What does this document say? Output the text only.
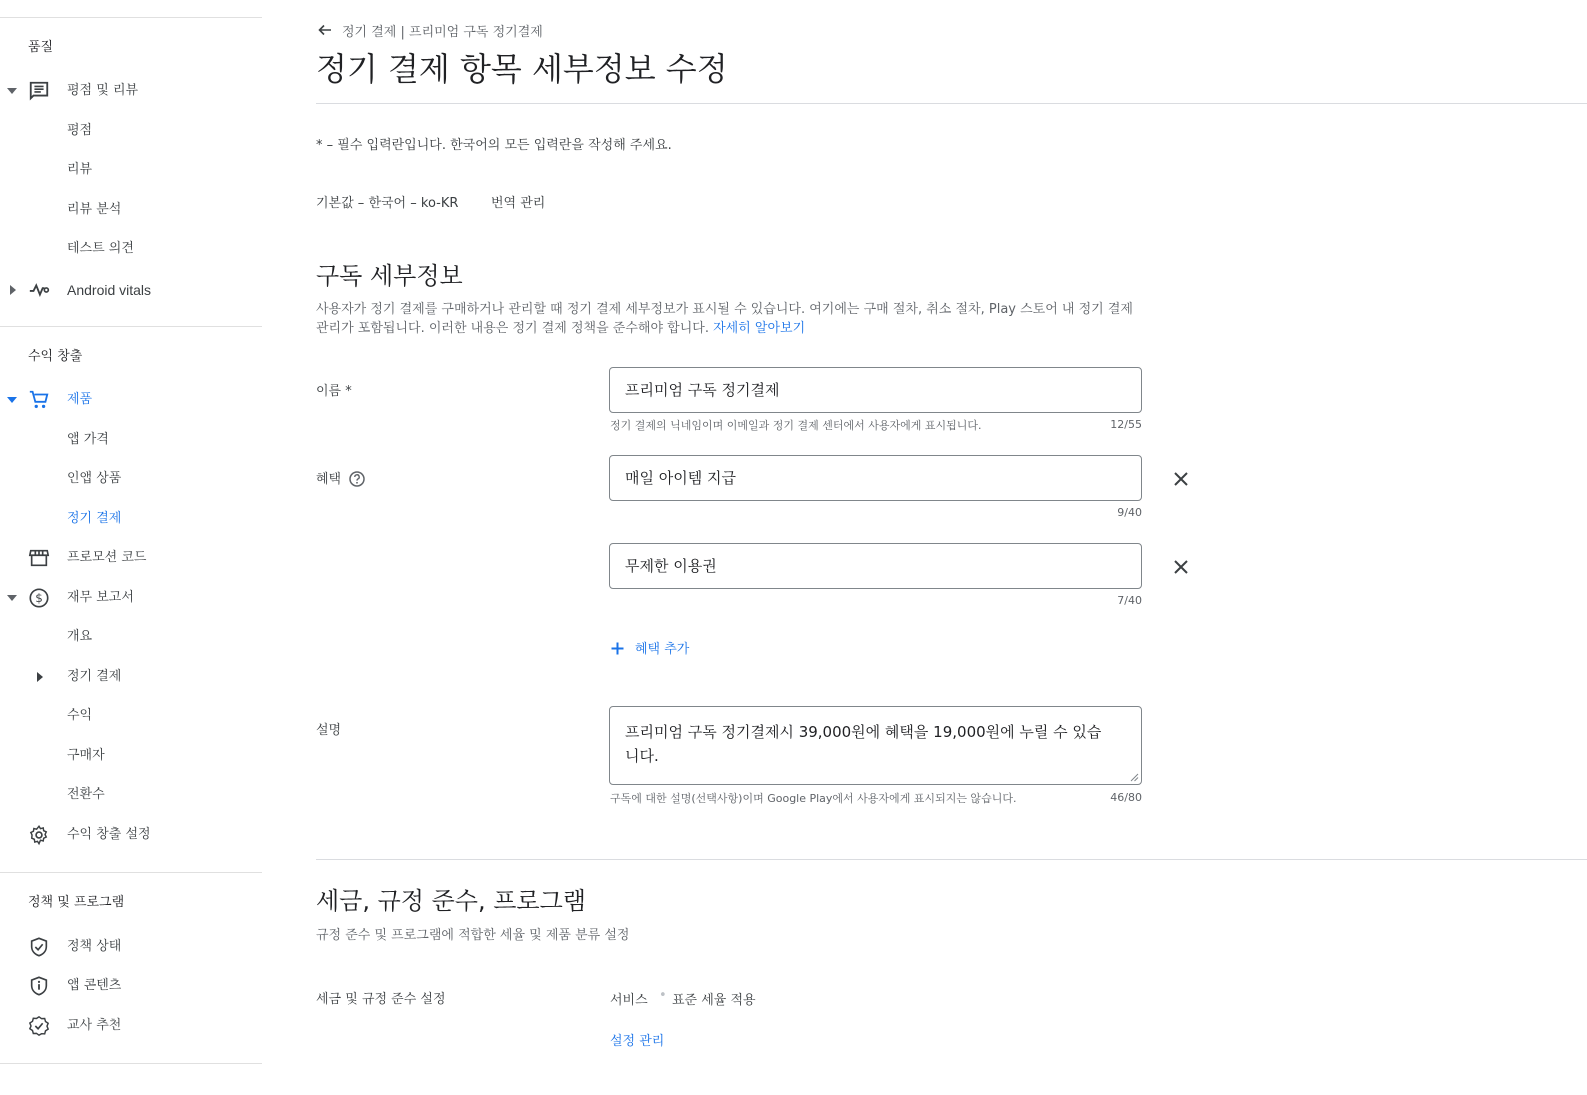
품질
평점 및 리뷰
평점
리뷰
리뷰 분석
테스트 의견
Android vitals
수익 창출
제품
앱 가격
인앱 상품
정기 결제
프로모션 코드
$ 재무 보고서
개요
정기 결제
수익
구매자
전환수
수익 창출 설정
정책 및 프로그램
정책 상태
앱 콘텐츠
교사 추천
정기 결제 | 프리미엄 구독 정기결제
정기 결제 항목 세부정보 수정
* – 필수 입력란입니다. 한국어의 모든 입력란을 작성해 주세요.
기본값 – 한국어 – ko-KR	번역 관리
구독 세부정보
사용자가 정기 결제를 구매하거나 관리할 때 정기 결제 세부정보가 표시될 수 있습니다. 여기에는 구매 절차, 취소 절차, Play 스토어 내 정기 결제
관리가 포함됩니다. 이러한 내용은 정기 결제 정책을 준수해야 합니다. 자세히 알아보기
이름 *	프리미엄 구독 정기결제
정기 결제의 닉네임이며 이메일과 정기 결제 센터에서 사용자에게 표시됩니다.	12/55
혜택	매일 아이템 지급
9/40
무제한 이용권
7/40
혜택 추가
설명	프리미엄 구독 정기결제시 39,000원에 혜택을 19,000원에 누릴 수 있습
니다.
구독에 대한 설명(선택사항)이며 Google Play에서 사용자에게 표시되지는 않습니다.	46/80
세금, 규정 준수, 프로그램
규정 준수 및 프로그램에 적합한 세율 및 제품 분류 설정
세금 및 규정 준수 설정	서비스 • 표준 세율 적용
설정 관리
